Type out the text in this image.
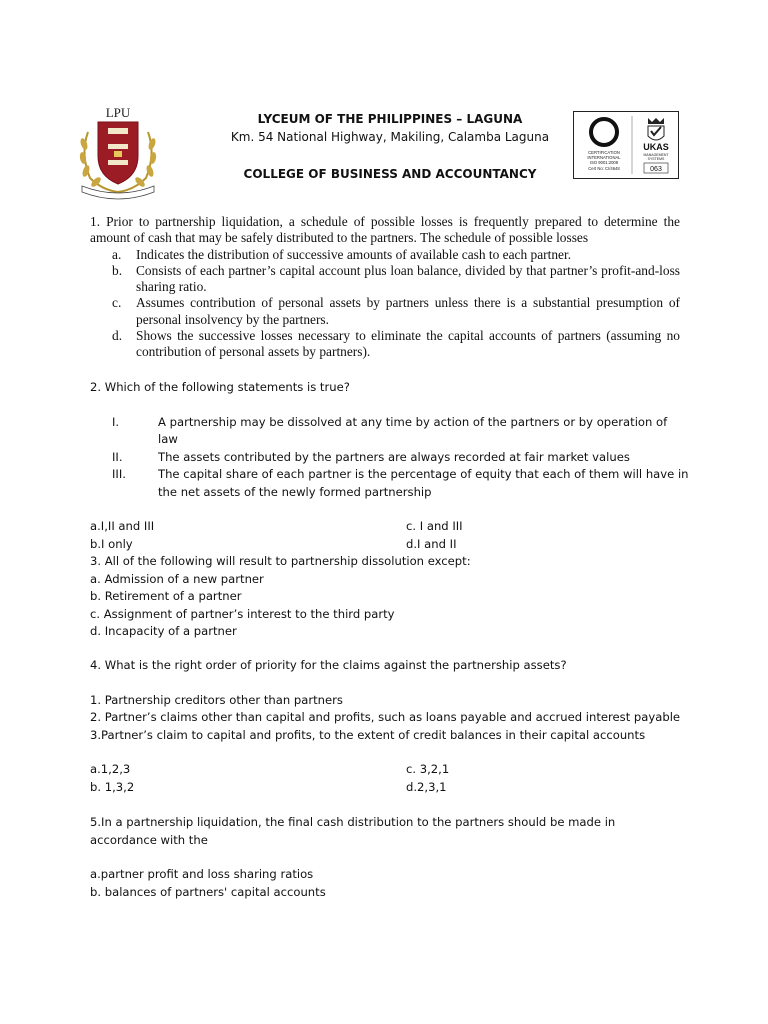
LPU	LYCEUM OF THE PHILIPPINES – LAGUNA
Km. 54 National Highway, Makiling, Calamba Laguna
COLLEGE OF BUSINESS AND ACCOUNTANCY
CERTIFICATION
INTERNATIONAL
ISO 9001:2008
Cert No: CI/4648
UKAS
MANAGEMENT
SYSTEMS
063
1. Prior to partnership liquidation, a schedule of possible losses is frequently prepared to determine the amount of cash that may be safely distributed to the partners. The schedule of possible losses
a.	Indicates the distribution of successive amounts of available cash to each partner.
b.	Consists of each partner’s capital account plus loan balance, divided by that partner’s profit-and-loss sharing ratio.
c.	Assumes contribution of personal assets by partners unless there is a substantial presumption of personal insolvency by the partners.
d.	Shows the successive losses necessary to eliminate the capital accounts of partners (assuming no contribution of personal assets by partners).
2. Which of the following statements is true?
I.	A partnership may be dissolved at any time by action of the partners or by operation of law
II.	The assets contributed by the partners are always recorded at fair market values
III.	The capital share of each partner is the percentage of equity that each of them will have in the net assets of the newly formed partnership
a.I,II and III	c. I and III
b.I only	d.I and II
3. All of the following will result to partnership dissolution except:
a. Admission of a new partner
b. Retirement of a partner
c. Assignment of partner’s interest to the third party
d. Incapacity of a partner
4. What is the right order of priority for the claims against the partnership assets?
1. Partnership creditors other than partners
2. Partner’s claims other than capital and profits, such as loans payable and accrued interest payable
3.Partner’s claim to capital and profits, to the extent of credit balances in their capital accounts
a.1,2,3	c. 3,2,1
b. 1,3,2	d.2,3,1
5.In a partnership liquidation, the final cash distribution to the partners should be made in accordance with the
a.partner profit and loss sharing ratios
b. balances of partners' capital accounts
